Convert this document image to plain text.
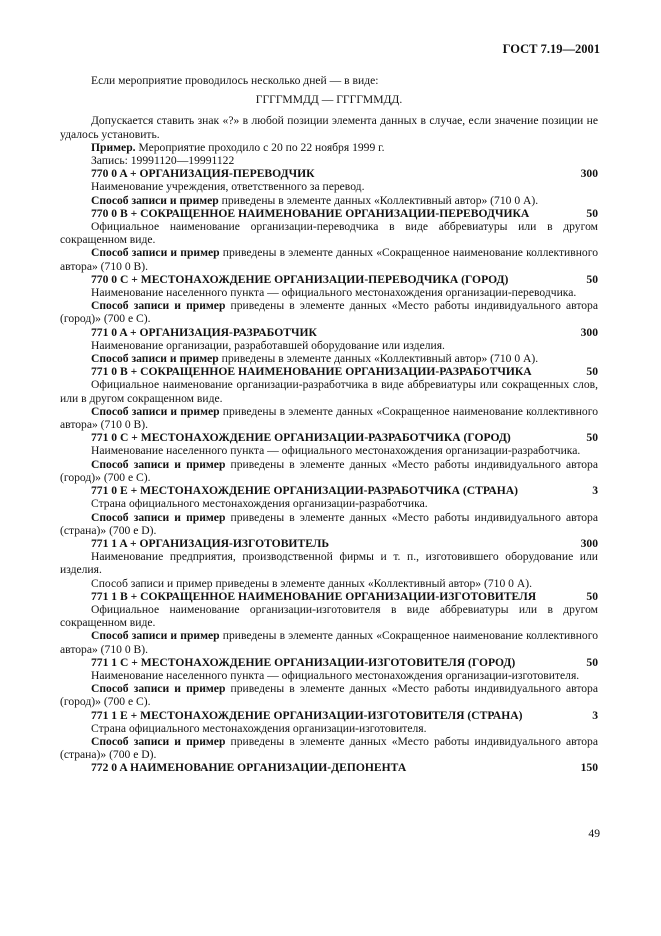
ГОСТ 7.19—2001

Если мероприятие проводилось несколько дней — в виде:

ГГГГММДД — ГГГГММДД.

Допускается ставить знак «?» в любой позиции элемента данных в случае, если значение позиции не удалось установить.

Пример. Мероприятие проходило с 20 по 22 ноября 1999 г.

Запись: 19991120—19991122

770 0 A + ОРГАНИЗАЦИЯ-ПЕРЕВОДЧИК	300

Наименование учреждения, ответственного за перевод.

Способ записи и пример приведены в элементе данных «Коллективный автор» (710 0 A).

770 0 B + СОКРАЩЕННОЕ НАИМЕНОВАНИЕ ОРГАНИЗАЦИИ-ПЕРЕВОДЧИКА	50

Официальное наименование организации-переводчика в виде аббревиатуры или в другом сокращенном виде.

Способ записи и пример приведены в элементе данных «Сокращенное наименование коллективного автора» (710 0 B).

770 0 C + МЕСТОНАХОЖДЕНИЕ ОРГАНИЗАЦИИ-ПЕРЕВОДЧИКА (ГОРОД)	50

Наименование населенного пункта — официального местонахождения организации-переводчика.

Способ записи и пример приведены в элементе данных «Место работы индивидуального автора (город)» (700 e C).

771 0 A + ОРГАНИЗАЦИЯ-РАЗРАБОТЧИК	300

Наименование организации, разработавшей оборудование или изделия.

Способ записи и пример приведены в элементе данных «Коллективный автор» (710 0 A).

771 0 B + СОКРАЩЕННОЕ НАИМЕНОВАНИЕ ОРГАНИЗАЦИИ-РАЗРАБОТЧИКА	50

Официальное наименование организации-разработчика в виде аббревиатуры или сокращенных слов, или в другом сокращенном виде.

Способ записи и пример приведены в элементе данных «Сокращенное наименование коллективного автора» (710 0 B).

771 0 C + МЕСТОНАХОЖДЕНИЕ ОРГАНИЗАЦИИ-РАЗРАБОТЧИКА (ГОРОД)	50

Наименование населенного пункта — официального местонахождения организации-разработчика.

Способ записи и пример приведены в элементе данных «Место работы индивидуального автора (город)» (700 e C).

771 0 E + МЕСТОНАХОЖДЕНИЕ ОРГАНИЗАЦИИ-РАЗРАБОТЧИКА (СТРАНА)	3

Страна официального местонахождения организации-разработчика.

Способ записи и пример приведены в элементе данных «Место работы индивидуального автора (страна)» (700 e D).

771 1 A + ОРГАНИЗАЦИЯ-ИЗГОТОВИТЕЛЬ	300

Наименование предприятия, производственной фирмы и т. п., изготовившего оборудование или изделия.

Способ записи и пример приведены в элементе данных «Коллективный автор» (710 0 A).

771 1 B + СОКРАЩЕННОЕ НАИМЕНОВАНИЕ ОРГАНИЗАЦИИ-ИЗГОТОВИТЕЛЯ	50

Официальное наименование организации-изготовителя в виде аббревиатуры или в другом сокращенном виде.

Способ записи и пример приведены в элементе данных «Сокращенное наименование коллективного автора» (710 0 B).

771 1 C + МЕСТОНАХОЖДЕНИЕ ОРГАНИЗАЦИИ-ИЗГОТОВИТЕЛЯ (ГОРОД)	50

Наименование населенного пункта — официального местонахождения организации-изготовителя.

Способ записи и пример приведены в элементе данных «Место работы индивидуального автора (город)» (700 e C).

771 1 E + МЕСТОНАХОЖДЕНИЕ ОРГАНИЗАЦИИ-ИЗГОТОВИТЕЛЯ (СТРАНА)	3

Страна официального местонахождения организации-изготовителя.

Способ записи и пример приведены в элементе данных «Место работы индивидуального автора (страна)» (700 e D).

772 0 A НАИМЕНОВАНИЕ ОРГАНИЗАЦИИ-ДЕПОНЕНТА	150
49
